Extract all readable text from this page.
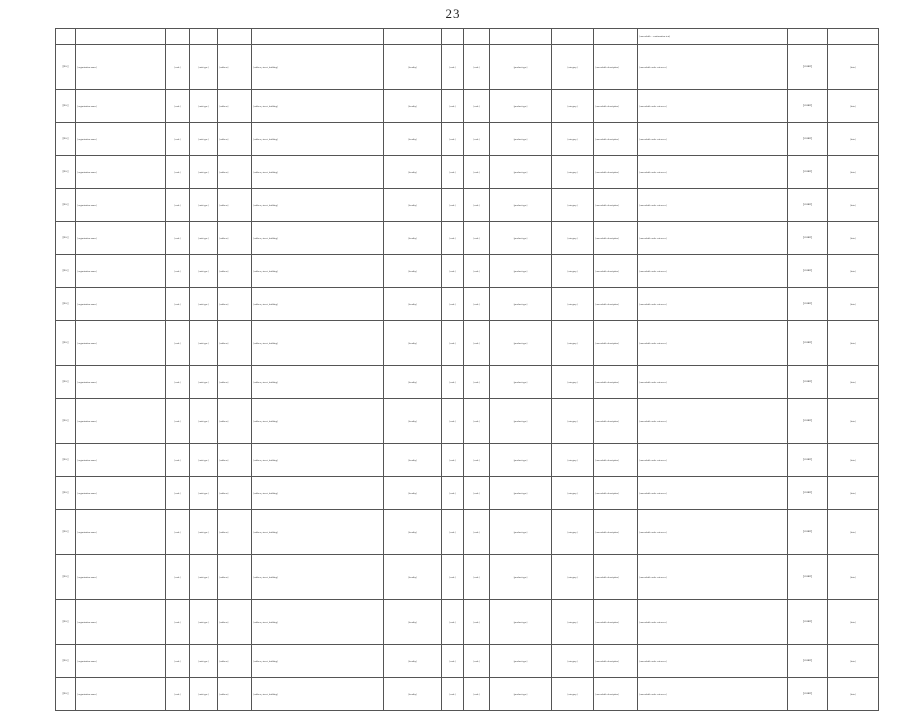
23
												[unreadable – continuation text]		
[no.]	[organization name]	[code]	[unit type]	[address]	[address, street, building]	[locality]	[code]	[code]	[product type]	[category]	[unreadable description]	[unreadable order reference]	[count]	[date]
[no.]	[organization name]	[code]	[unit type]	[address]	[address, street, building]	[locality]	[code]	[code]	[product type]	[category]	[unreadable description]	[unreadable order reference]	[count]	[date]
[no.]	[organization name]	[code]	[unit type]	[address]	[address, street, building]	[locality]	[code]	[code]	[product type]	[category]	[unreadable description]	[unreadable order reference]	[count]	[date]
[no.]	[organization name]	[code]	[unit type]	[address]	[address, street, building]	[locality]	[code]	[code]	[product type]	[category]	[unreadable description]	[unreadable order reference]	[count]	[date]
[no.]	[organization name]	[code]	[unit type]	[address]	[address, street, building]	[locality]	[code]	[code]	[product type]	[category]	[unreadable description]	[unreadable order reference]	[count]	[date]
[no.]	[organization name]	[code]	[unit type]	[address]	[address, street, building]	[locality]	[code]	[code]	[product type]	[category]	[unreadable description]	[unreadable order reference]	[count]	[date]
[no.]	[organization name]	[code]	[unit type]	[address]	[address, street, building]	[locality]	[code]	[code]	[product type]	[category]	[unreadable description]	[unreadable order reference]	[count]	[date]
[no.]	[organization name]	[code]	[unit type]	[address]	[address, street, building]	[locality]	[code]	[code]	[product type]	[category]	[unreadable description]	[unreadable order reference]	[count]	[date]
[no.]	[organization name]	[code]	[unit type]	[address]	[address, street, building]	[locality]	[code]	[code]	[product type]	[category]	[unreadable description]	[unreadable order reference]	[count]	[date]
[no.]	[organization name]	[code]	[unit type]	[address]	[address, street, building]	[locality]	[code]	[code]	[product type]	[category]	[unreadable description]	[unreadable order reference]	[count]	[date]
[no.]	[organization name]	[code]	[unit type]	[address]	[address, street, building]	[locality]	[code]	[code]	[product type]	[category]	[unreadable description]	[unreadable order reference]	[count]	[date]
[no.]	[organization name]	[code]	[unit type]	[address]	[address, street, building]	[locality]	[code]	[code]	[product type]	[category]	[unreadable description]	[unreadable order reference]	[count]	[date]
[no.]	[organization name]	[code]	[unit type]	[address]	[address, street, building]	[locality]	[code]	[code]	[product type]	[category]	[unreadable description]	[unreadable order reference]	[count]	[date]
[no.]	[organization name]	[code]	[unit type]	[address]	[address, street, building]	[locality]	[code]	[code]	[product type]	[category]	[unreadable description]	[unreadable order reference]	[count]	[date]
[no.]	[organization name]	[code]	[unit type]	[address]	[address, street, building]	[locality]	[code]	[code]	[product type]	[category]	[unreadable description]	[unreadable order reference]	[count]	[date]
[no.]	[organization name]	[code]	[unit type]	[address]	[address, street, building]	[locality]	[code]	[code]	[product type]	[category]	[unreadable description]	[unreadable order reference]	[count]	[date]
[no.]	[organization name]	[code]	[unit type]	[address]	[address, street, building]	[locality]	[code]	[code]	[product type]	[category]	[unreadable description]	[unreadable order reference]	[count]	[date]
[no.]	[organization name]	[code]	[unit type]	[address]	[address, street, building]	[locality]	[code]	[code]	[product type]	[category]	[unreadable description]	[unreadable order reference]	[count]	[date]
